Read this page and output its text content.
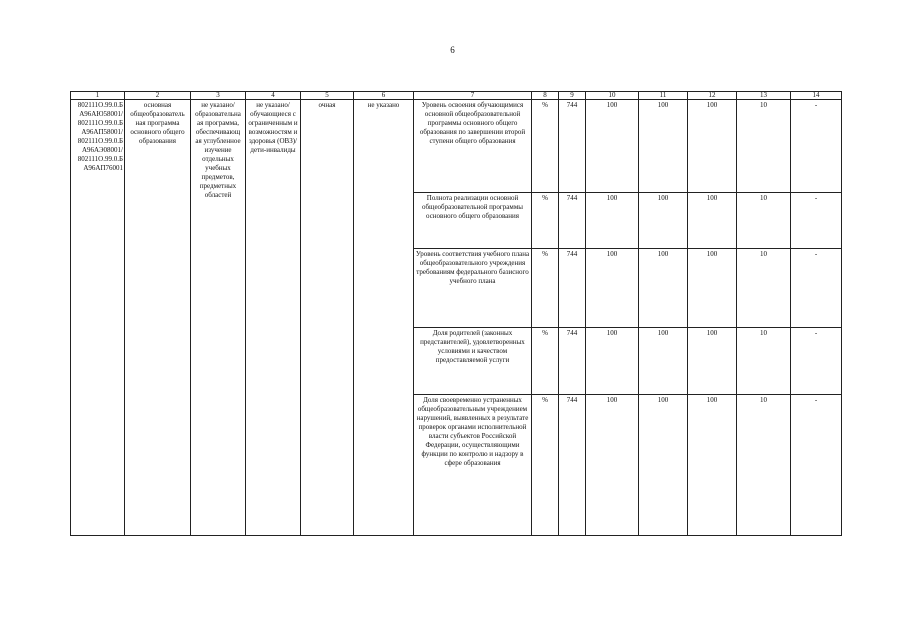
6
1	2	3	4	5	6	7	8	9	10	11	12	13	14
802111О.99.0.Б А96АЮ58001/ 802111О.99.0.Б А96АП58001/ 802111О.99.0.Б А96АЭ08001/ 802111О.99.0.Б А96АП76001	основная общеобразователь ная программа основного общего образования	не указано/ образовательна ая программа, обеспечивающ ая углубленное изучение отдельных учебных предметов, предметных областей	не указано/ обучающиеся с ограниченным и возможностям и здоровья (ОВЗ)/ дети-инвалиды	очная	не указано	Уровень освоения обучающимися основной общеобразовательной программы основного общего образования по завершении второй ступени общего образования	%	744	100	100	100	10	-
						Полнота реализации основной общеобразовательной программы основного общего образования	%	744	100	100	100	10	-
						Уровень соответствия учебного плана общеобразовательного учреждения требованиям федерального базисного учебного плана	%	744	100	100	100	10	-
						Доля родителей (законных представителей), удовлетворенных условиями и качеством предоставляемой услуги	%	744	100	100	100	10	-
						Доля своевременно устраненных общеобразовательным учреждением нарушений, выявленных в результате проверок органами исполнительной власти субъектов Российской Федерации, осуществляющими функции по контролю и надзору в сфере образования	%	744	100	100	100	10	-
